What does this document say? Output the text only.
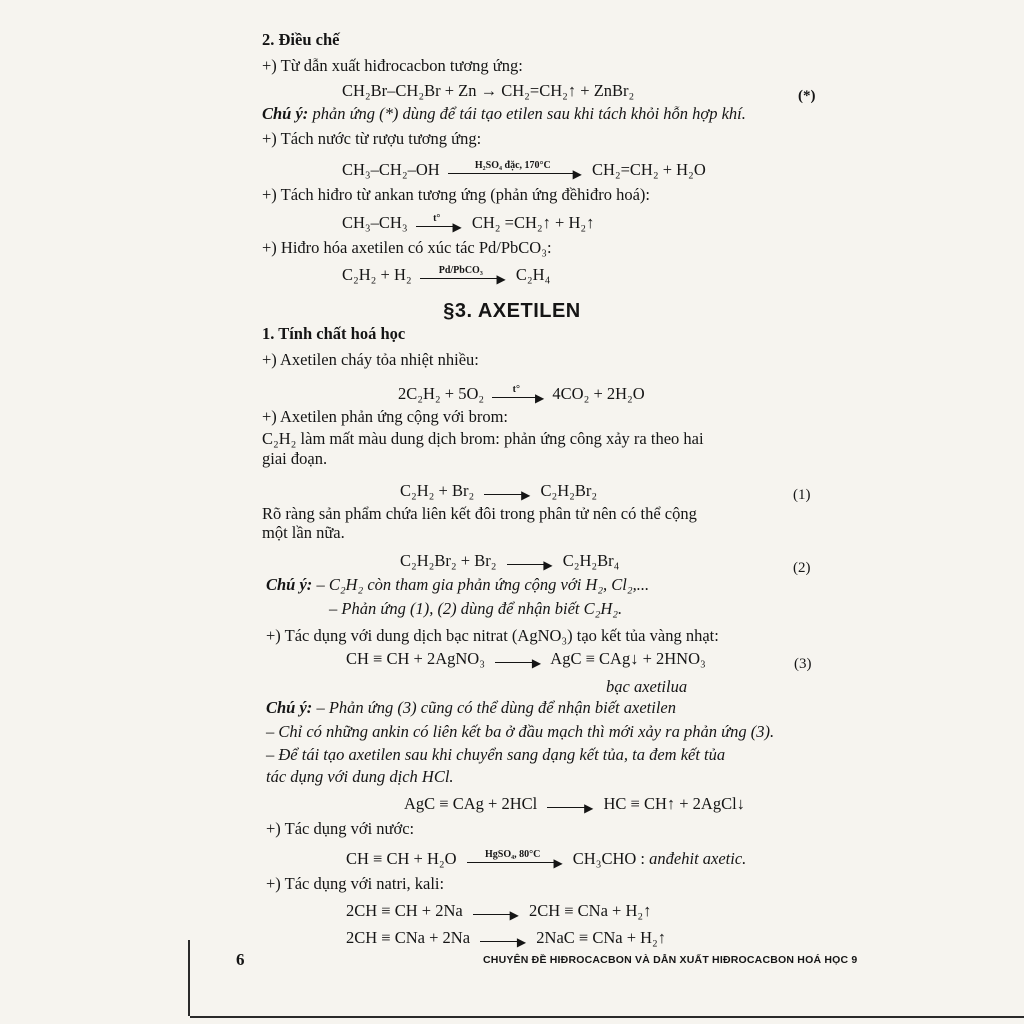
2. Điều chế
+) Từ dẫn xuất hiđrocacbon tương ứng:
CH₂Br–CH₂Br + Zn → CH₂=CH₂↑ + ZnBr₂	(*)
Chú ý: phản ứng (*) dùng để tái tạo etilen sau khi tách khỏi hỗn hợp khí.
+) Tách nước từ rượu tương ứng:
CH₃–CH₂–OH	H₂SO₄ đặc, 170°C
▶ CH₂=CH₂ + H₂O
+) Tách hiđro từ ankan tương ứng (phản ứng đềhiđro hoá):
CH₃–CH₃	t°
▶ CH₂ =CH₂↑ + H₂↑
+) Hiđro hóa axetilen có xúc tác Pd/PbCO₃:
C₂H₂ + H₂	Pd/PbCO₃
▶ C₂H₄
§3. AXETILEN
1. Tính chất hoá học
+) Axetilen cháy tỏa nhiệt nhiều:
2C₂H₂ + 5O₂	t°
▶ 4CO₂ + 2H₂O
+) Axetilen phản ứng cộng với brom:
C₂H₂ làm mất màu dung dịch brom: phản ứng công xảy ra theo hai
giai đoạn.
C₂H₂ + Br₂	▶ C₂H₂Br₂	(1)
Rõ ràng sản phẩm chứa liên kết đôi trong phân tử nên có thể cộng
một lần nữa.
C₂H₂Br₂ + Br₂	▶ C₂H₂Br₄	(2)
Chú ý: – C₂H₂ còn tham gia phản ứng cộng với H₂, Cl₂,...
– Phản ứng (1), (2) dùng để nhận biết C₂H₂.
+) Tác dụng với dung dịch bạc nitrat (AgNO₃) tạo kết tủa vàng nhạt:
CH ≡ CH + 2AgNO₃	▶ AgC ≡ CAg↓ + 2HNO₃	(3)
bạc axetilua
Chú ý: – Phản ứng (3) cũng có thể dùng để nhận biết axetilen
– Chỉ có những ankin có liên kết ba ở đầu mạch thì mới xảy ra phản ứng (3).
– Để tái tạo axetilen sau khi chuyển sang dạng kết tủa, ta đem kết tủa
tác dụng với dung dịch HCl.
AgC ≡ CAg + 2HCl	▶ HC ≡ CH↑ + 2AgCl↓
+) Tác dụng với nước:
CH ≡ CH + H₂O	HgSO₄, 80°C
▶ CH₃CHO : anđehit axetic.
+) Tác dụng với natri, kali:
2CH ≡ CH + 2Na	▶ 2CH ≡ CNa + H₂↑
2CH ≡ CNa + 2Na	▶ 2NaC ≡ CNa + H₂↑
6	CHUYÊN ĐỀ HIĐROCACBON VÀ DẪN XUẤT HIĐROCACBON HOÁ HỌC 9
